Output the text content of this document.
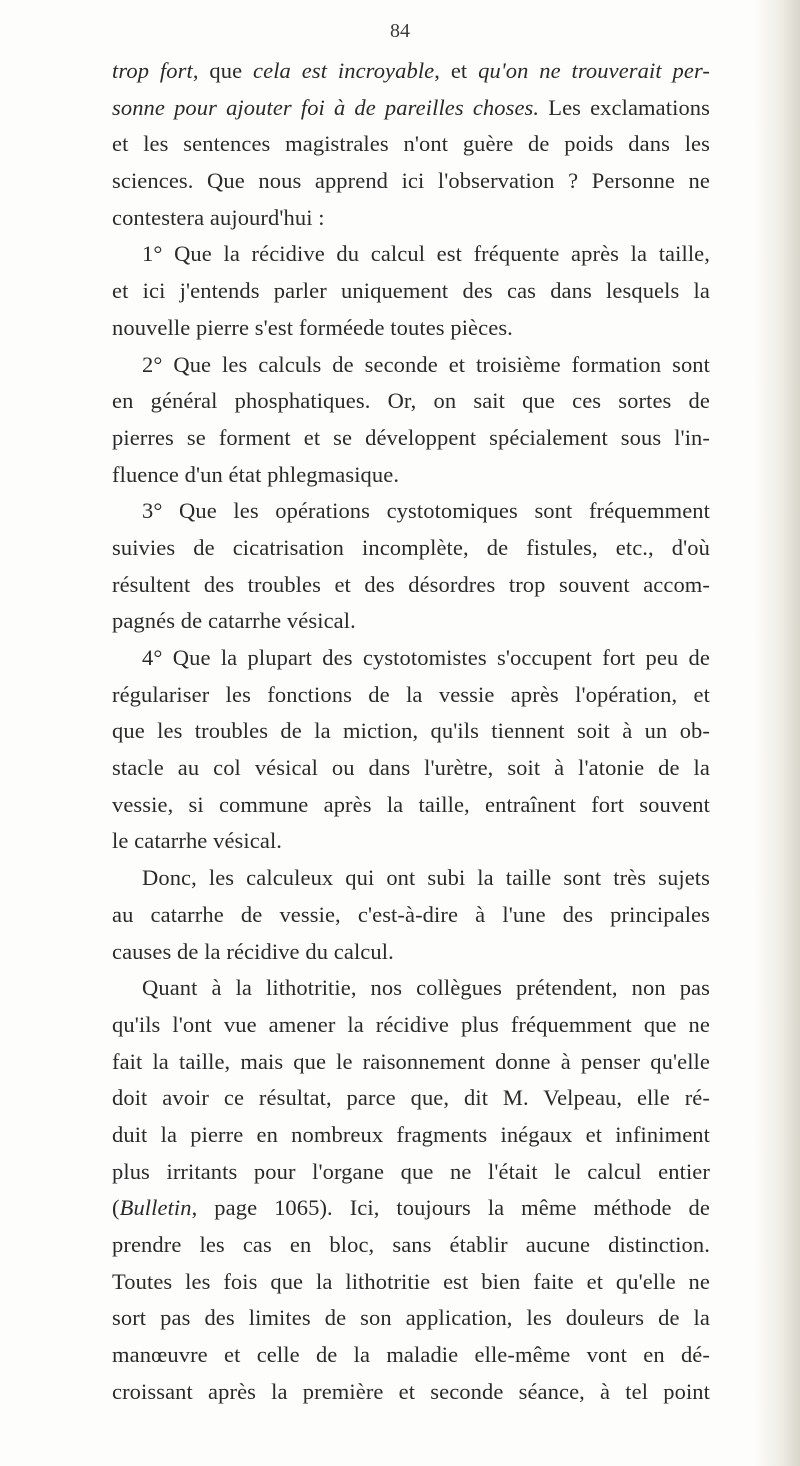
84
trop fort, que cela est incroyable, et qu'on ne trouverait per-
sonne pour ajouter foi à de pareilles choses. Les exclamations
et les sentences magistrales n'ont guère de poids dans les
sciences. Que nous apprend ici l'observation ? Personne ne
contestera aujourd'hui :
1° Que la récidive du calcul est fréquente après la taille,
et ici j'entends parler uniquement des cas dans lesquels la
nouvelle pierre s'est forméede toutes pièces.
2° Que les calculs de seconde et troisième formation sont
en général phosphatiques. Or, on sait que ces sortes de
pierres se forment et se développent spécialement sous l'in-
fluence d'un état phlegmasique.
3° Que les opérations cystotomiques sont fréquemment
suivies de cicatrisation incomplète, de fistules, etc., d'où
résultent des troubles et des désordres trop souvent accom-
pagnés de catarrhe vésical.
4° Que la plupart des cystotomistes s'occupent fort peu de
régulariser les fonctions de la vessie après l'opération, et
que les troubles de la miction, qu'ils tiennent soit à un ob-
stacle au col vésical ou dans l'urètre, soit à l'atonie de la
vessie, si commune après la taille, entraînent fort souvent
le catarrhe vésical.
Donc, les calculeux qui ont subi la taille sont très sujets
au catarrhe de vessie, c'est-à-dire à l'une des principales
causes de la récidive du calcul.
Quant à la lithotritie, nos collègues prétendent, non pas
qu'ils l'ont vue amener la récidive plus fréquemment que ne
fait la taille, mais que le raisonnement donne à penser qu'elle
doit avoir ce résultat, parce que, dit M. Velpeau, elle ré-
duit la pierre en nombreux fragments inégaux et infiniment
plus irritants pour l'organe que ne l'était le calcul entier
(Bulletin, page 1065). Ici, toujours la même méthode de
prendre les cas en bloc, sans établir aucune distinction.
Toutes les fois que la lithotritie est bien faite et qu'elle ne
sort pas des limites de son application, les douleurs de la
manœuvre et celle de la maladie elle-même vont en dé-
croissant après la première et seconde séance, à tel point
